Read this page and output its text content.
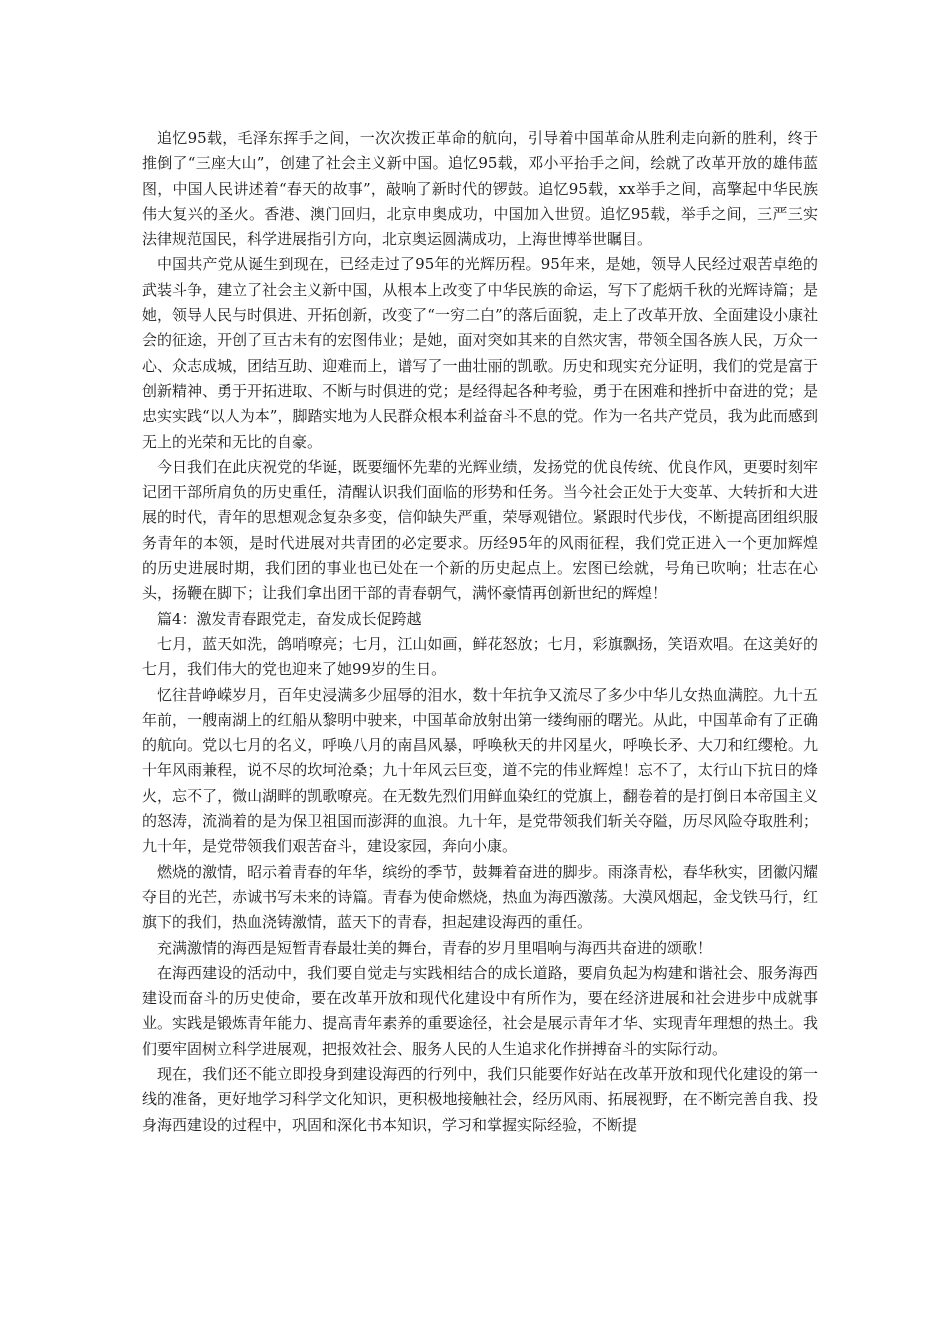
追忆95载，毛泽东挥手之间，一次次拨正革命的航向，引导着中国革命从胜利走向新的胜利，终于推倒了“三座大山”，创建了社会主义新中国。追忆95载，邓小平抬手之间，绘就了改革开放的雄伟蓝图，中国人民讲述着“春天的故事”，敲响了新时代的锣鼓。追忆95载，xx举手之间，高擎起中华民族伟大复兴的圣火。香港、澳门回归，北京申奥成功，中国加入世贸。追忆95载，举手之间，三严三实法律规范国民，科学进展指引方向，北京奥运圆满成功，上海世博举世瞩目。

中国共产党从诞生到现在，已经走过了95年的光辉历程。95年来，是她，领导人民经过艰苦卓绝的武装斗争，建立了社会主义新中国，从根本上改变了中华民族的命运，写下了彪炳千秋的光辉诗篇；是她，领导人民与时俱进、开拓创新，改变了“一穷二白”的落后面貌，走上了改革开放、全面建设小康社会的征途，开创了亘古未有的宏图伟业；是她，面对突如其来的自然灾害，带领全国各族人民，万众一心、众志成城，团结互助、迎难而上，谱写了一曲壮丽的凯歌。历史和现实充分证明，我们的党是富于创新精神、勇于开拓进取、不断与时俱进的党；是经得起各种考验，勇于在困难和挫折中奋进的党；是忠实实践“以人为本”，脚踏实地为人民群众根本利益奋斗不息的党。作为一名共产党员，我为此而感到无上的光荣和无比的自豪。

今日我们在此庆祝党的华诞，既要缅怀先辈的光辉业绩，发扬党的优良传统、优良作风，更要时刻牢记团干部所肩负的历史重任，清醒认识我们面临的形势和任务。当今社会正处于大变革、大转折和大进展的时代，青年的思想观念复杂多变，信仰缺失严重，荣辱观错位。紧跟时代步伐，不断提高团组织服务青年的本领，是时代进展对共青团的必定要求。历经95年的风雨征程，我们党正进入一个更加辉煌的历史进展时期，我们团的事业也已处在一个新的历史起点上。宏图已绘就，号角已吹响；壮志在心头，扬鞭在脚下；让我们拿出团干部的青春朝气，满怀豪情再创新世纪的辉煌！

篇4：激发青春跟党走，奋发成长促跨越

七月，蓝天如洗，鸽哨嘹亮；七月，江山如画，鲜花怒放；七月，彩旗飘扬，笑语欢唱。在这美好的七月，我们伟大的党也迎来了她99岁的生日。

忆往昔峥嵘岁月，百年史浸满多少屈辱的泪水，数十年抗争又流尽了多少中华儿女热血满腔。九十五年前，一艘南湖上的红船从黎明中驶来，中国革命放射出第一缕绚丽的曙光。从此，中国革命有了正确的航向。党以七月的名义，呼唤八月的南昌风暴，呼唤秋天的井冈星火，呼唤长矛、大刀和红缨枪。九十年风雨兼程，说不尽的坎坷沧桑；九十年风云巨变，道不完的伟业辉煌！忘不了，太行山下抗日的烽火，忘不了，微山湖畔的凯歌嘹亮。在无数先烈们用鲜血染红的党旗上，翻卷着的是打倒日本帝国主义的怒涛，流淌着的是为保卫祖国而澎湃的血浪。九十年，是党带领我们斩关夺隘，历尽风险夺取胜利；九十年，是党带领我们艰苦奋斗，建设家园，奔向小康。

燃烧的激情，昭示着青春的年华，缤纷的季节，鼓舞着奋进的脚步。雨涤青松，春华秋实，团徽闪耀夺目的光芒，赤诚书写未来的诗篇。青春为使命燃烧，热血为海西激荡。大漠风烟起，金戈铁马行，红旗下的我们，热血浇铸激情，蓝天下的青春，担起建设海西的重任。

充满激情的海西是短暂青春最壮美的舞台，青春的岁月里唱响与海西共奋进的颂歌！

在海西建设的活动中，我们要自觉走与实践相结合的成长道路，要肩负起为构建和谐社会、服务海西建设而奋斗的历史使命，要在改革开放和现代化建设中有所作为，要在经济进展和社会进步中成就事业。实践是锻炼青年能力、提高青年素养的重要途径，社会是展示青年才华、实现青年理想的热土。我们要牢固树立科学进展观，把报效社会、服务人民的人生追求化作拼搏奋斗的实际行动。

现在，我们还不能立即投身到建设海西的行列中，我们只能要作好站在改革开放和现代化建设的第一线的准备，更好地学习科学文化知识，更积极地接触社会，经历风雨、拓展视野，在不断完善自我、投身海西建设的过程中，巩固和深化书本知识，学习和掌握实际经验，不断提
